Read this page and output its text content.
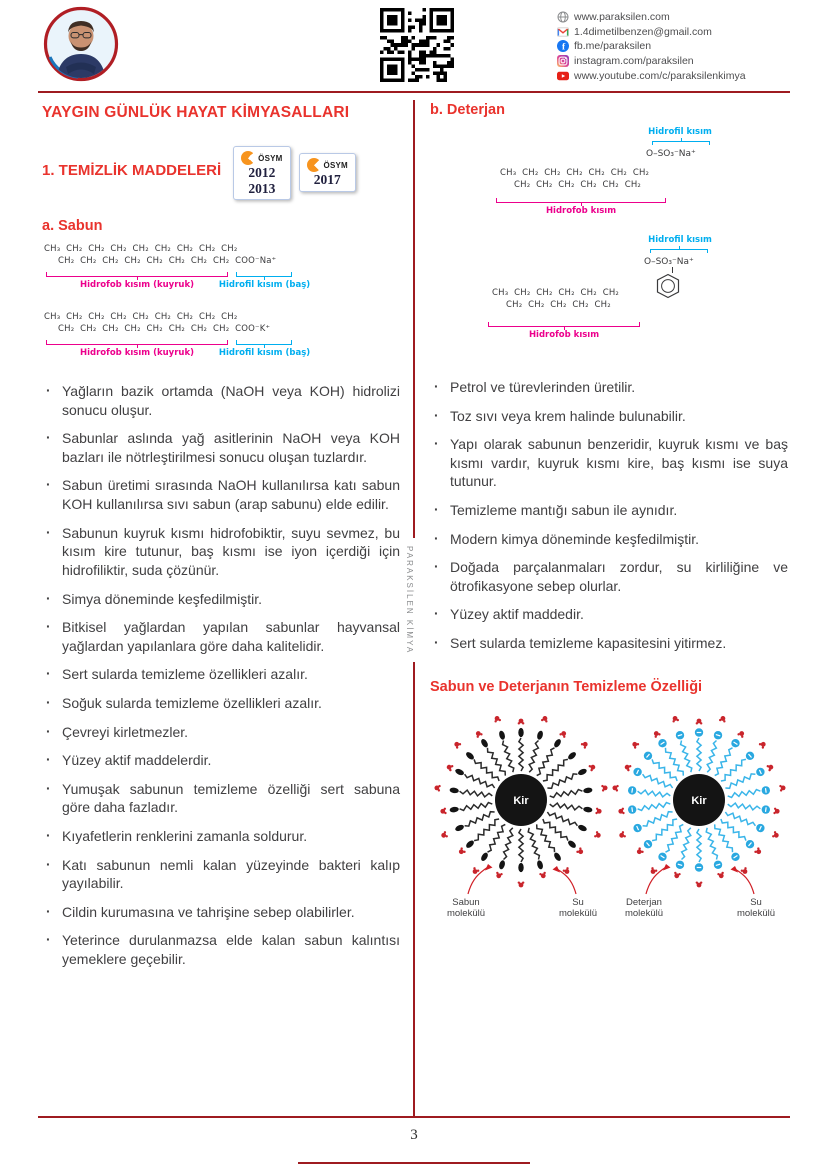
www.paraksilen.com
1.4dimetilbenzen@gmail.com
f fb.me/paraksilen
instagram.com/paraksilen
www.youtube.com/c/paraksilenkimya
PARAKSİLEN KİMYA
YAYGIN GÜNLÜK HAYAT KİMYASALLARI
1. TEMİZLİK MADDELERİ
ÖSYM
2012
2013
ÖSYM
2017
a. Sabun
CH₃  CH₂  CH₂  CH₂  CH₂  CH₂  CH₂  CH₂  CH₂
CH₂  CH₂  CH₂  CH₂  CH₂  CH₂  CH₂  CH₂  COO⁻Na⁺
Hidrofob kısım (kuyruk)	Hidrofil kısım (baş)
CH₃  CH₂  CH₂  CH₂  CH₂  CH₂  CH₂  CH₂  CH₂
CH₂  CH₂  CH₂  CH₂  CH₂  CH₂  CH₂  CH₂  COO⁻K⁺
Hidrofob kısım (kuyruk)	Hidrofil kısım (baş)
· Yağların bazik ortamda (NaOH veya KOH) hidrolizi sonucu oluşur.
· Sabunlar aslında yağ asitlerinin NaOH veya KOH bazları ile nötrleştirilmesi sonucu oluşan tuzlardır.
· Sabun üretimi sırasında NaOH kullanılırsa katı sabun KOH kullanılırsa sıvı sabun (arap sabunu) elde edilir.
· Sabunun kuyruk kısmı hidrofobiktir, suyu sevmez, bu kısım kire tutunur, baş kısmı ise iyon içerdiği için hidrofiliktir, suda çözünür.
· Simya döneminde keşfedilmiştir.
· Bitkisel yağlardan yapılan sabunlar hayvansal yağlardan yapılanlara göre daha kalitelidir.
· Sert sularda temizleme özellikleri azalır.
· Soğuk sularda temizleme özellikleri azalır.
· Çevreyi kirletmezler.
· Yüzey aktif maddelerdir.
· Yumuşak sabunun temizleme özelliği sert sabuna göre daha fazladır.
· Kıyafetlerin renklerini zamanla soldurur.
· Katı sabunun nemli kalan yüzeyinde bakteri kalıp yayılabilir.
· Cildin kurumasına ve tahrişine sebep olabilirler.
· Yeterince durulanmazsa elde kalan sabun kalıntısı yemeklere geçebilir.
b. Deterjan
Hidrofil kısım
O–SO₃⁻Na⁺
CH₃  CH₂  CH₂  CH₂  CH₂  CH₂  CH₂
CH₂  CH₂  CH₂  CH₂  CH₂  CH₂
Hidrofob kısım
Hidrofil kısım
O–SO₃⁻Na⁺
CH₃  CH₂  CH₂  CH₂  CH₂  CH₂
CH₂  CH₂  CH₂  CH₂  CH₂
Hidrofob kısım
· Petrol ve türevlerinden üretilir.
· Toz sıvı veya krem halinde bulunabilir.
· Yapı olarak sabunun benzeridir, kuyruk kısmı ve baş kısmı vardır, kuyruk kısmı kire, baş kısmı ise suya tutunur.
· Temizleme mantığı sabun ile aynıdır.
· Modern kimya döneminde keşfedilmiştir.
· Doğada parçalanmaları zordur, su kirliliğine ve ötrofikasyone sebep olurlar.
· Yüzey aktif maddedir.
· Sert sularda temizleme kapasitesini yitirmez.
Sabun ve Deterjanın Temizleme Özelliği
Kir
Sabun
molekülü
Su
molekülü
Kir
Deterjan
molekülü
Su
molekülü
3
